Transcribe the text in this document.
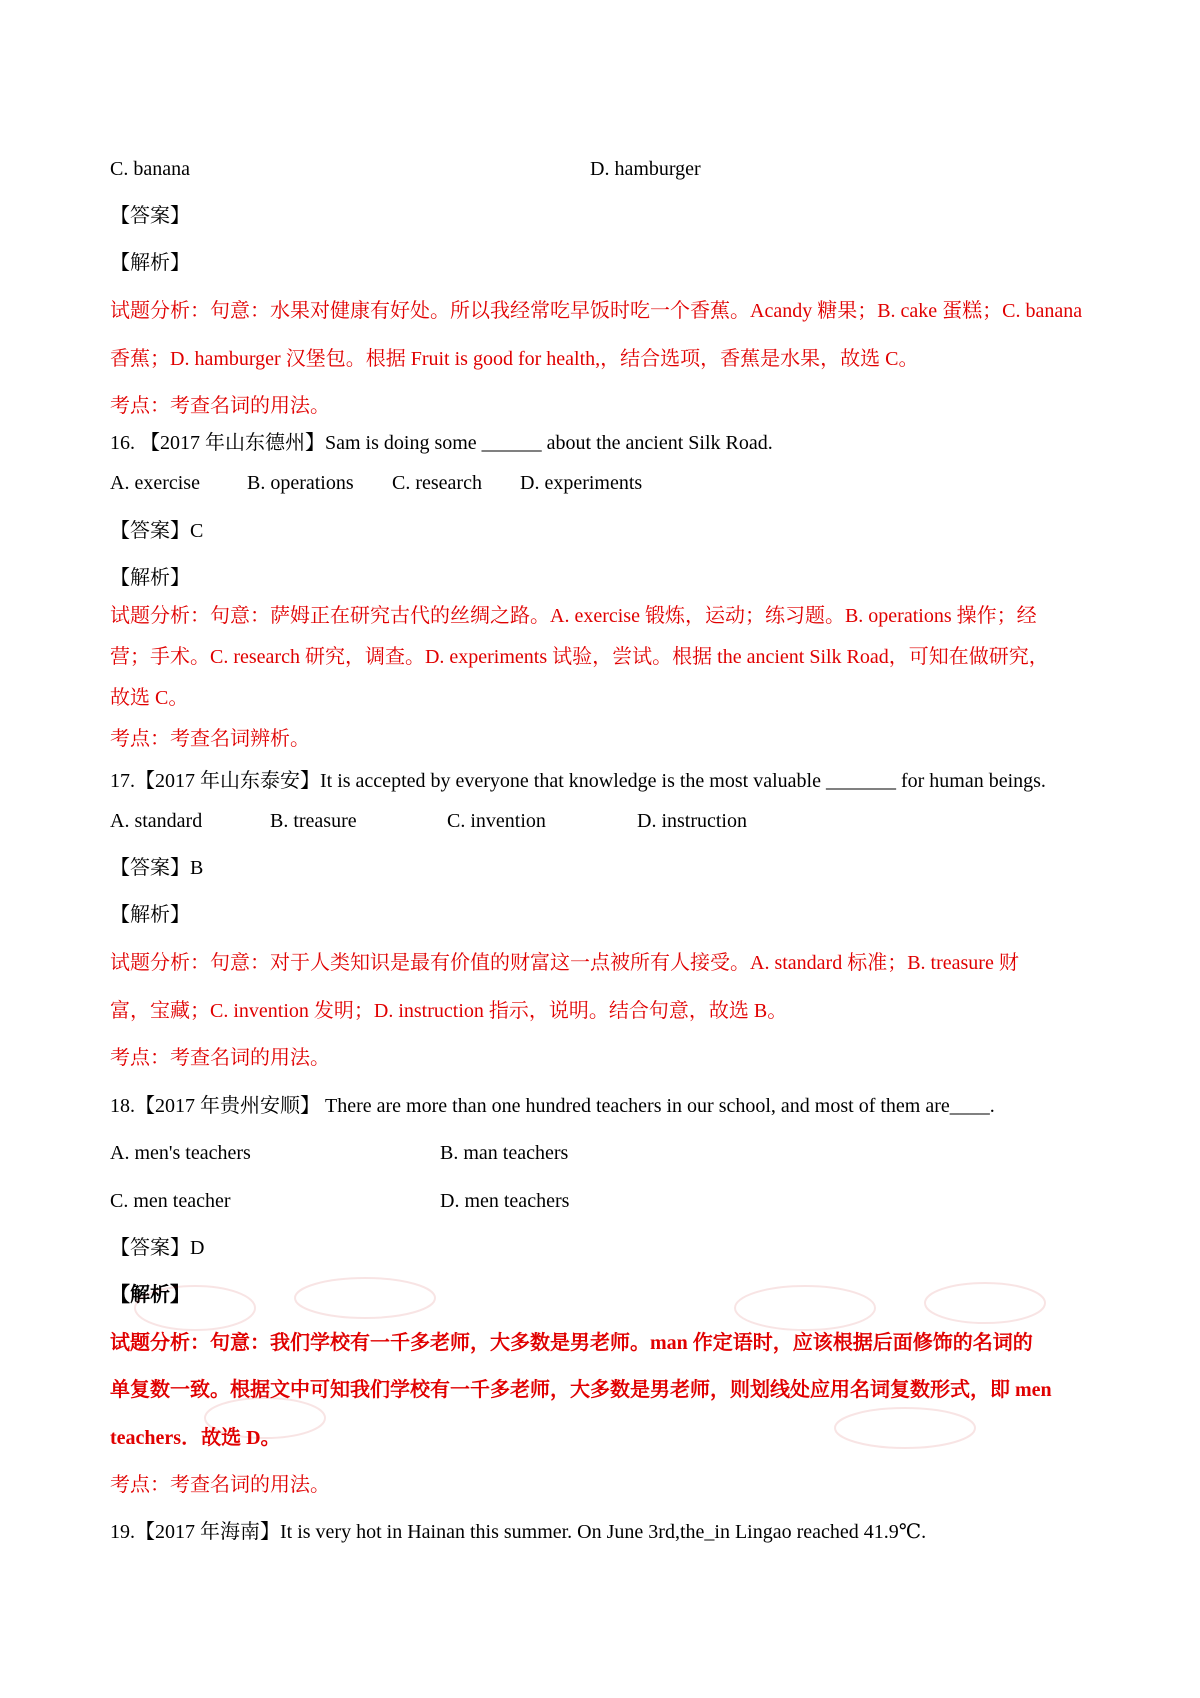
C. banana	D. hamburger
【答案】
【解析】
试题分析：句意：水果对健康有好处。所以我经常吃早饭时吃一个香蕉。Acandy 糖果；B. cake 蛋糕；C. banana
香蕉；D. hamburger 汉堡包。根据 Fruit is good for health,，结合选项，香蕉是水果，故选 C。
考点：考查名词的用法。
16. 【2017 年山东德州】Sam is doing some ______ about the ancient Silk Road.
A. exercise B. operations C. research D. experiments
【答案】C
【解析】
试题分析：句意：萨姆正在研究古代的丝绸之路。A. exercise 锻炼，运动；练习题。B. operations 操作；经
营；手术。C. research 研究，调查。D. experiments 试验，尝试。根据 the ancient Silk Road，可知在做研究，
故选 C。
考点：考查名词辨析。
17.【2017 年山东泰安】It is accepted by everyone that knowledge is the most valuable _______ for human beings.
A. standard	B. treasure	C. invention	D. instruction
【答案】B
【解析】
试题分析：句意：对于人类知识是最有价值的财富这一点被所有人接受。A. standard 标准；B. treasure 财
富，宝藏；C. invention 发明；D. instruction 指示，说明。结合句意，故选 B。
考点：考查名词的用法。
18.【2017 年贵州安顺】 There are more than one hundred teachers in our school, and most of them are____.
A. men's teachers	B. man teachers
C. men teacher	D. men teachers
【答案】D
【解析】
试题分析：句意：我们学校有一千多老师，大多数是男老师。man 作定语时，应该根据后面修饰的名词的
单复数一致。根据文中可知我们学校有一千多老师，大多数是男老师，则划线处应用名词复数形式，即 men
teachers．故选 D。
考点：考查名词的用法。
19.【2017 年海南】It is very hot in Hainan this summer. On June 3rd,the_in Lingao reached 41.9℃.
